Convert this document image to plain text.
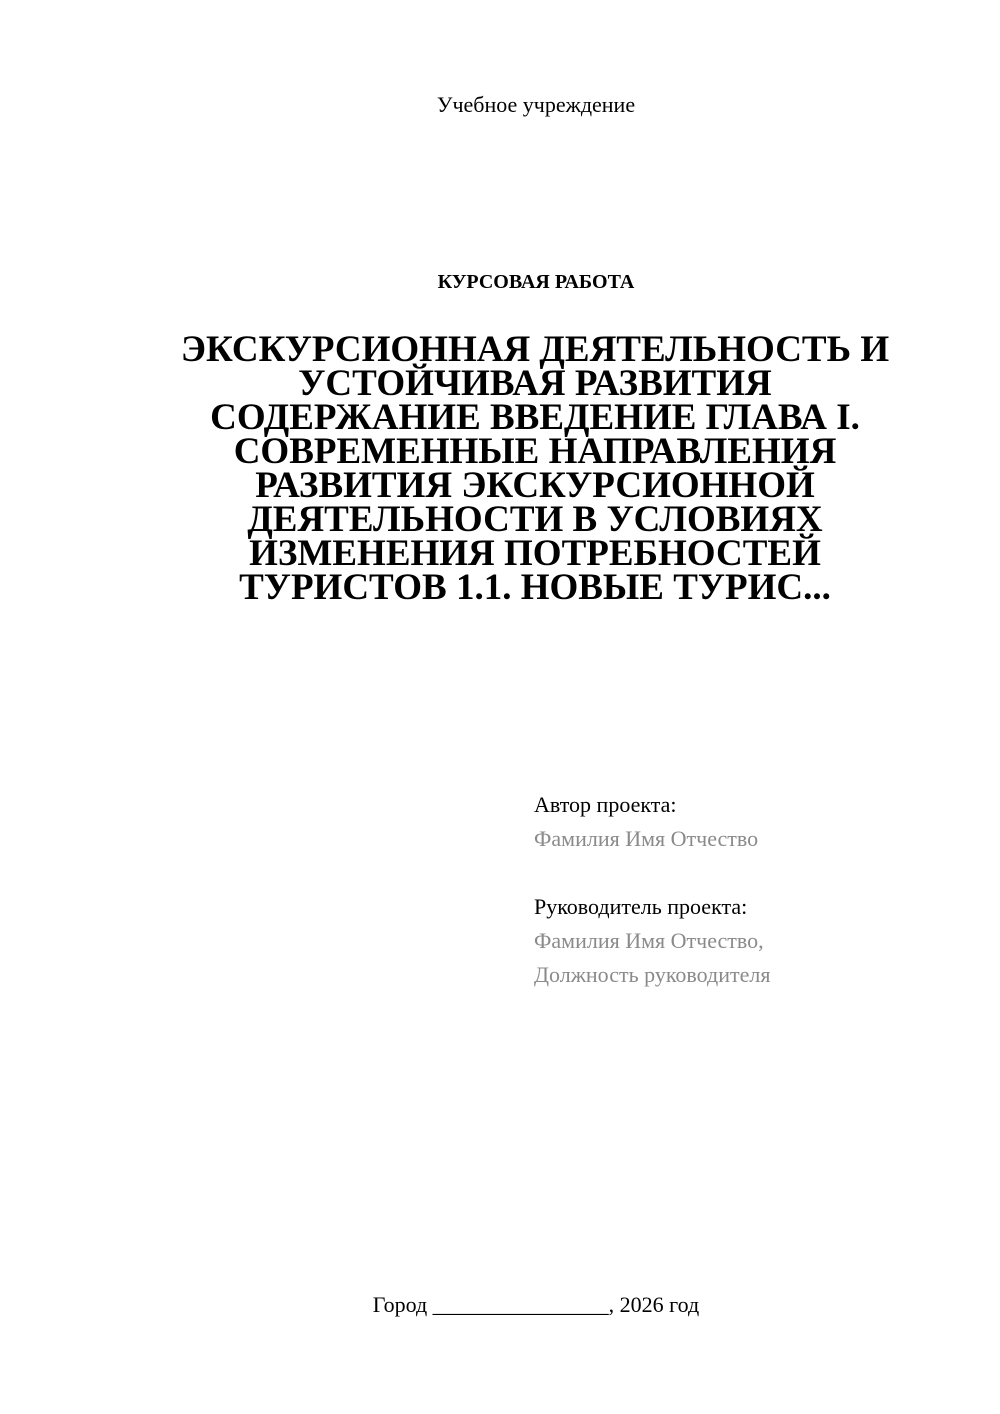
Учебное учреждение
КУРСОВАЯ РАБОТА
ЭКСКУРСИОННАЯ ДЕЯТЕЛЬНОСТЬ И УСТОЙЧИВАЯ РАЗВИТИЯ СОДЕРЖАНИЕ ВВЕДЕНИЕ ГЛАВА I. СОВРЕМЕННЫЕ НАПРАВЛЕНИЯ РАЗВИТИЯ ЭКСКУРСИОННОЙ ДЕЯТЕЛЬНОСТИ В УСЛОВИЯХ ИЗМЕНЕНИЯ ПОТРЕБНОСТЕЙ ТУРИСТОВ 1.1. НОВЫЕ ТУРИС...
Автор проекта:
Фамилия Имя Отчество
Руководитель проекта:
Фамилия Имя Отчество,
Должность руководителя
Город ________________, 2026 год
